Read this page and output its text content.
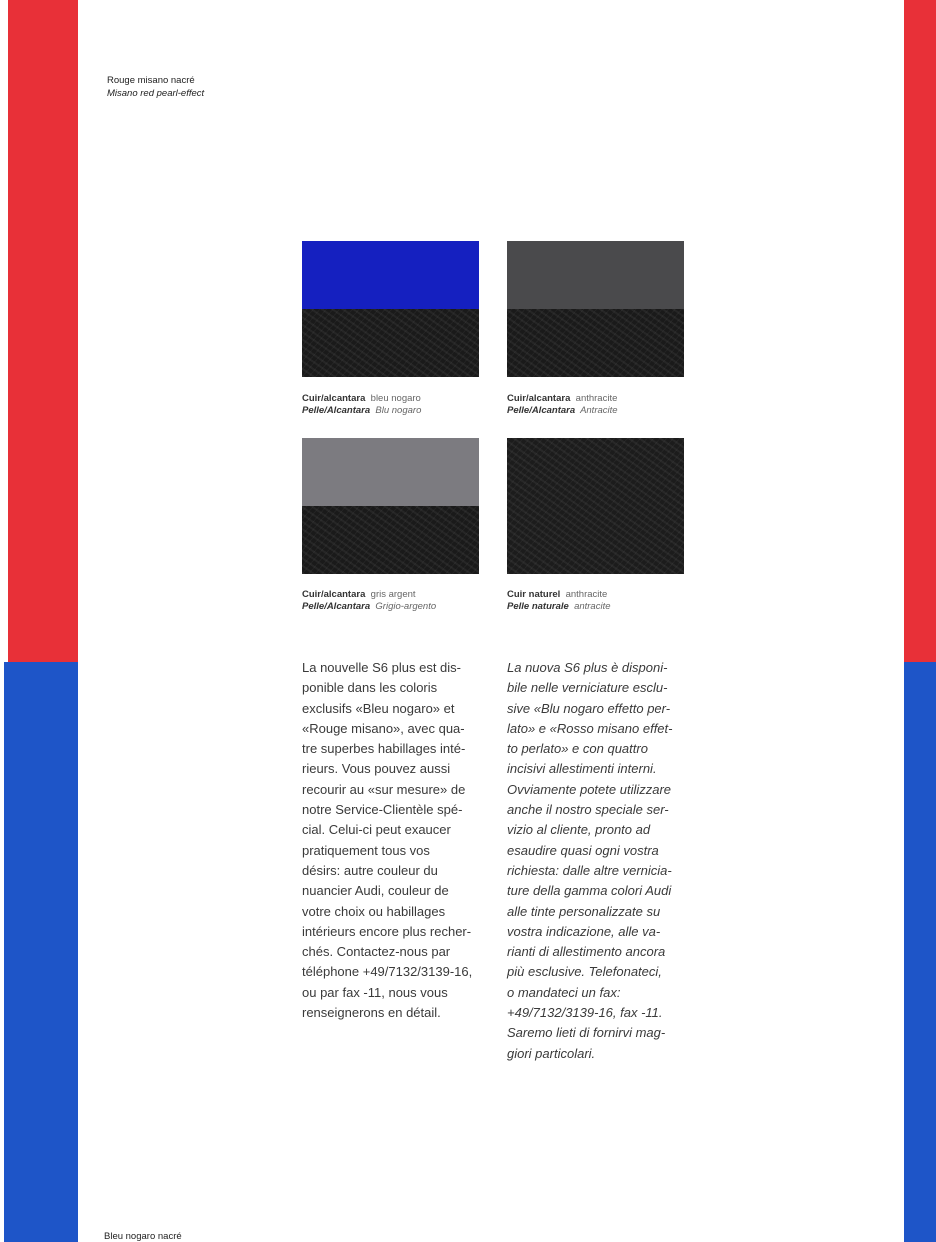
Rouge misano nacré
Misano red pearl-effect
Cuir/alcantara bleu nogaro
Pelle/Alcantara Blu nogaro
Cuir/alcantara anthracite
Pelle/Alcantara Antracite
Cuir/alcantara gris argent
Pelle/Alcantara Grigio-argento
Cuir naturel anthracite
Pelle naturale antracite
La nouvelle S6 plus est dis-
ponible dans les coloris
exclusifs «Bleu nogaro» et
«Rouge misano», avec qua-
tre superbes habillages inté-
rieurs. Vous pouvez aussi
recourir au «sur mesure» de
notre Service-Clientèle spé-
cial. Celui-ci peut exaucer
pratiquement tous vos
désirs: autre couleur du
nuancier Audi, couleur de
votre choix ou habillages
intérieurs encore plus recher-
chés. Contactez-nous par
téléphone +49/7132/3139-16,
ou par fax -11, nous vous
renseignerons en détail.
La nuova S6 plus è disponi-
bile nelle verniciature esclu-
sive «Blu nogaro effetto per-
lato» e «Rosso misano effet-
to perlato» e con quattro
incisivi allestimenti interni.
Ovviamente potete utilizzare
anche il nostro speciale ser-
vizio al cliente, pronto ad
esaudire quasi ogni vostra
richiesta: dalle altre vernicia-
ture della gamma colori Audi
alle tinte personalizzate su
vostra indicazione, alle va-
rianti di allestimento ancora
più esclusive. Telefonateci,
o mandateci un fax:
+49/7132/3139-16, fax -11.
Saremo lieti di fornirvi mag-
giori particolari.
Bleu nogaro nacré
